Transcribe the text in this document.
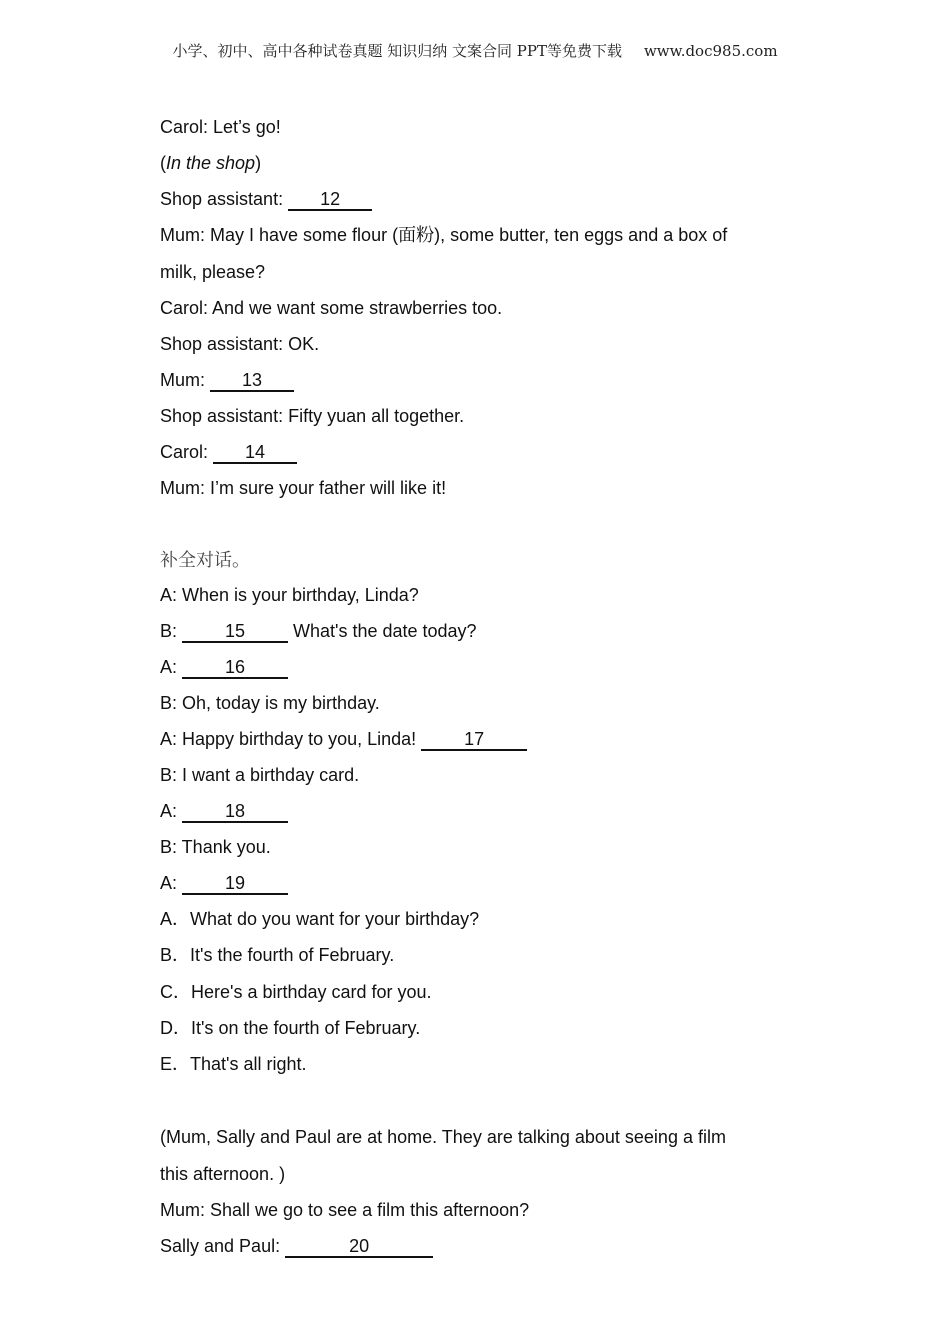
小学、初中、高中各种试卷真题 知识归纳 文案合同 PPT等免费下载 www.doc985.com
Carol: Let’s go!
(In the shop)
Shop assistant: 12
Mum: May I have some flour (面粉), some butter, ten eggs and a box of
milk, please?
Carol: And we want some strawberries too.
Shop assistant: OK.
Mum: 13
Shop assistant: Fifty yuan all together.
Carol: 14
Mum: I’m sure your father will like it!
补全对话。
A: When is your birthday, Linda?
B: 15 What's the date today?
A: 16
B: Oh, today is my birthday.
A: Happy birthday to you, Linda! 17
B: I want a birthday card.
A: 18
B: Thank you.
A: 19
A．What do you want for your birthday?
B．It's the fourth of February.
C．Here's a birthday card for you.
D．It's on the fourth of February.
E．That's all right.
(Mum, Sally and Paul are at home. They are talking about seeing a film
this afternoon. )
Mum: Shall we go to see a film this afternoon?
Sally and Paul:	20
